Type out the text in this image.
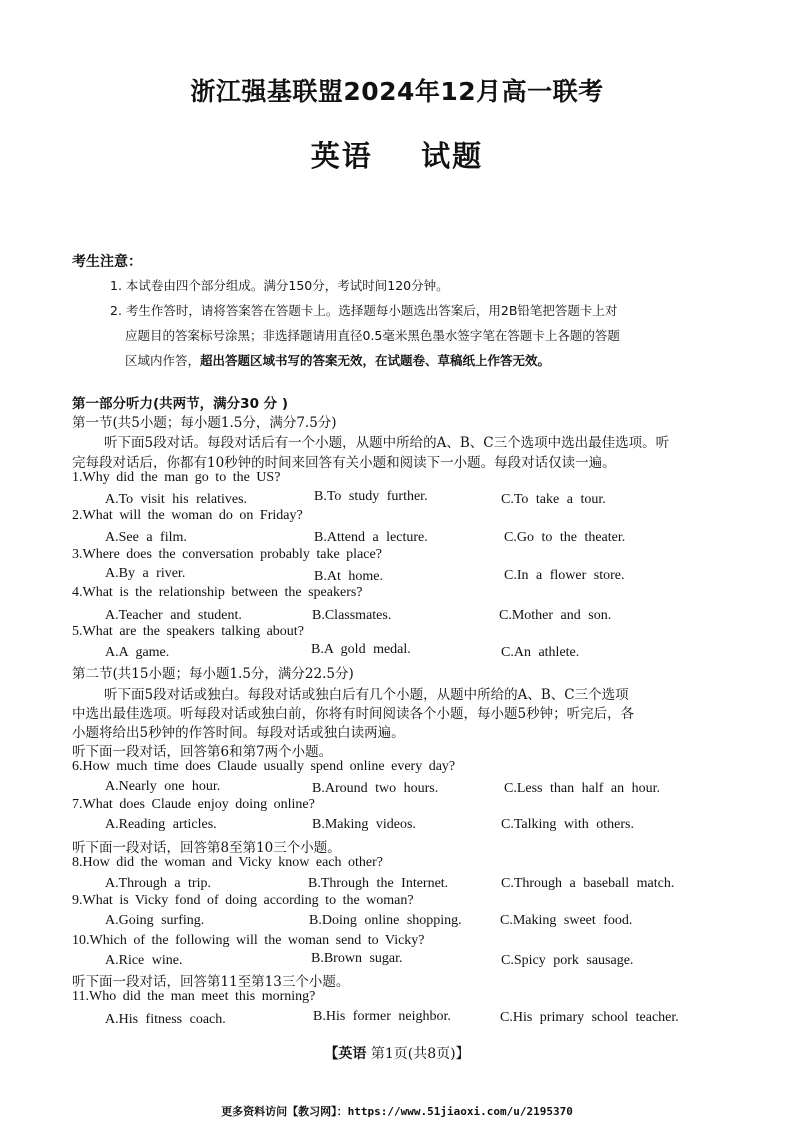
浙江强基联盟2024年12月高一联考
英语    试题
考生注意：
1. 本试卷由四个部分组成。满分150分，考试时间120分钟。
2. 考生作答时，请将答案答在答题卡上。选择题每小题选出答案后，用2B铅笔把答题卡上对
应题目的答案标号涂黑；非选择题请用直径0.5毫米黑色墨水签字笔在答题卡上各题的答题
区域内作答，超出答题区域书写的答案无效，在试题卷、草稿纸上作答无效。
第一部分听力(共两节，满分30 分 )
第一节(共5小题；每小题1.5分，满分7.5分)
听下面5段对话。每段对话后有一个小题，从题中所给的A、B、C三个选项中选出最佳选项。听
完每段对话后，你都有10秒钟的时间来回答有关小题和阅读下一小题。每段对话仅读一遍。
1.Why did the man go to the US?
A.To visit his relatives.	B.To study further.	C.To take a tour.
2.What will the woman do on Friday?
A.See a film.	B.Attend a lecture.	C.Go to the theater.
3.Where does the conversation probably take place?
A.By a river.	B.At home.	C.In a flower store.
4.What is the relationship between the speakers?
A.Teacher and student.	B.Classmates.	C.Mother and son.
5.What are the speakers talking about?
A.A game.	B.A gold medal.	C.An athlete.
第二节(共15小题；每小题1.5分，满分22.5分)
听下面5段对话或独白。每段对话或独白后有几个小题，从题中所给的A、B、C三个选项
中选出最佳选项。听每段对话或独白前，你将有时间阅读各个小题，每小题5秒钟；听完后，各
小题将给出5秒钟的作答时间。每段对话或独白读两遍。
听下面一段对话，回答第6和第7两个小题。
6.How much time does Claude usually spend online every day?
A.Nearly one hour.	B.Around two hours.	C.Less than half an hour.
7.What does Claude enjoy doing online?
A.Reading articles.	B.Making videos.	C.Talking with others.
听下面一段对话，回答第8至第10三个小题。
8.How did the woman and Vicky know each other?
A.Through a trip.	B.Through the Internet.	C.Through a baseball match.
9.What is Vicky fond of doing according to the woman?
A.Going surfing.	B.Doing online shopping.	C.Making sweet food.
10.Which of the following will the woman send to Vicky?
A.Rice wine.	B.Brown sugar.	C.Spicy pork sausage.
听下面一段对话，回答第11至第13三个小题。
11.Who did the man meet this morning?
A.His fitness coach.	B.His former neighbor.	C.His primary school teacher.
【英语 第1页(共8页)】
更多资料访问【教习网】：https://www.51jiaoxi.com/u/2195370
